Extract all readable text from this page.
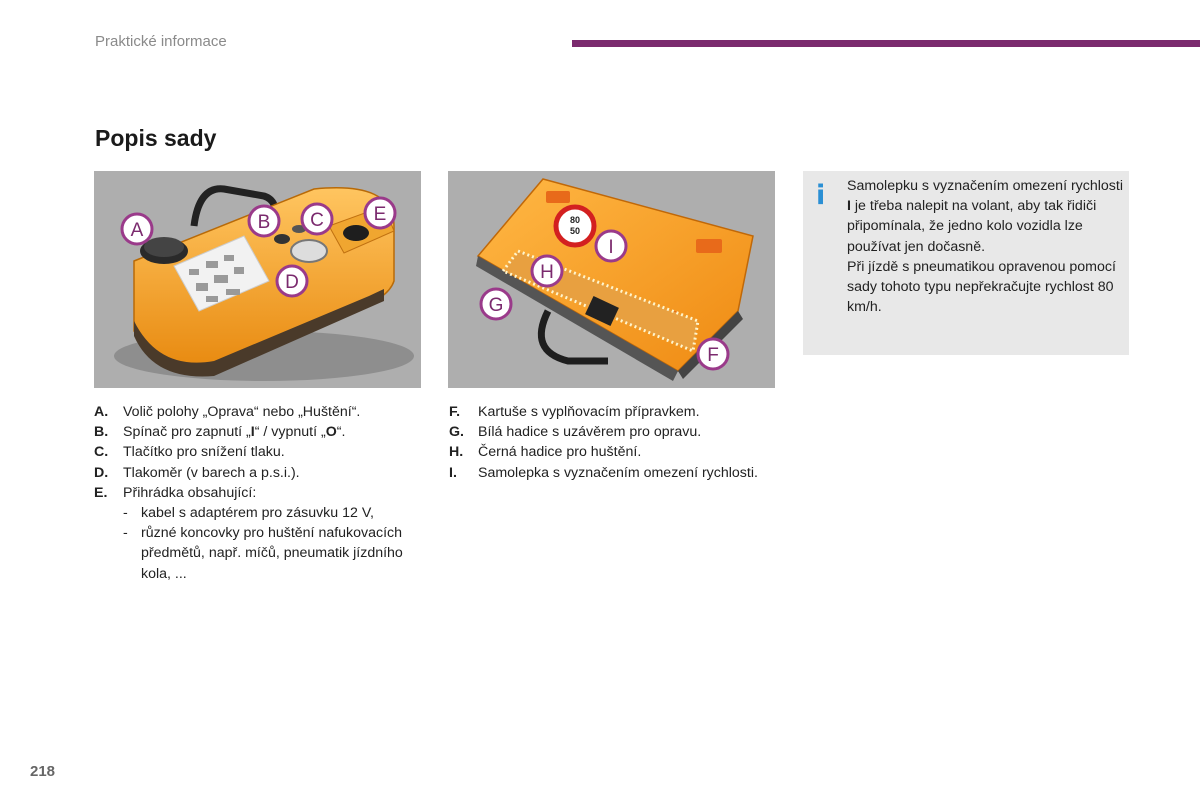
Praktické informace
Popis sady
A	B C
D
E	80
50
F
G
H
I
i Samolepku s vyznačením omezení rychlosti I je třeba nalepit na volant, aby tak řidiči připomínala, že jedno kolo vozidla lze používat jen dočasně.
Při jízdě s pneumatikou opravenou pomocí sady tohoto typu nepřekračujte rychlost 80 km/h.
A. Volič polohy „Oprava“ nebo „Huštění“.
B. Spínač pro zapnutí „I“ / vypnutí „O“.
C. Tlačítko pro snížení tlaku.
D. Tlakoměr (v barech a p.s.i.).
E. Přihrádka obsahující:
- kabel s adaptérem pro zásuvku 12 V,
- různé koncovky pro huštění nafukovacích předmětů, např. míčů, pneumatik jízdního kola, ...
F. Kartuše s vyplňovacím přípravkem.
G. Bílá hadice s uzávěrem pro opravu.
H. Černá hadice pro huštění.
I. Samolepka s vyznačením omezení rychlosti.
218
